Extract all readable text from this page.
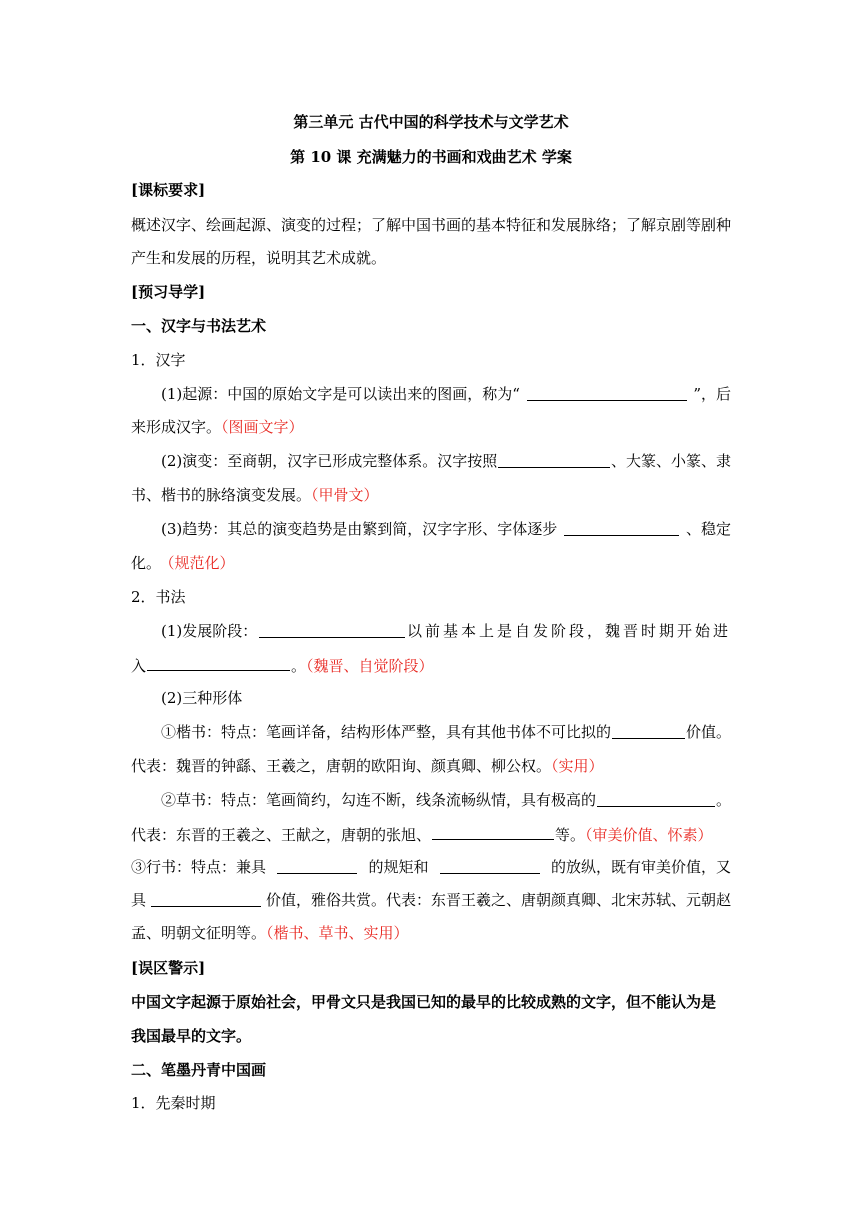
第三单元 古代中国的科学技术与文学艺术
第 10 课 充满魅力的书画和戏曲艺术 学案
[课标要求]
概述汉字、绘画起源、演变的过程；了解中国书画的基本特征和发展脉络；了解京剧等剧种
产生和发展的历程，说明其艺术成就。
[预习导学]
一、汉字与书法艺术
1．汉字
(1)起源：中国的原始文字是可以读出来的图画，称为“	”，后
来形成汉字。（图画文字）
(2)演变：至商朝，汉字已形成完整体系。汉字按照	、大篆、小篆、隶
书、楷书的脉络演变发展。（甲骨文）
(3)趋势：其总的演变趋势是由繁到简，汉字字形、字体逐步	、稳定
化。 （规范化）
2．书法
(1)发展阶段：	以前基本上是自发阶段，魏晋时期开始进
入	。（魏晋、自觉阶段）
(2)三种形体
①楷书：特点：笔画详备，结构形体严整，具有其他书体不可比拟的	价值。
代表：魏晋的钟繇、王羲之，唐朝的欧阳询、颜真卿、柳公权。（实用）
②草书：特点：笔画简约，勾连不断，线条流畅纵情，具有极高的	。
代表：东晋的王羲之、王献之，唐朝的张旭、	等。（审美价值、怀素）
③行书：特点：兼具	的规矩和	的放纵，既有审美价值，又
具	价值，雅俗共赏。代表：东晋王羲之、唐朝颜真卿、北宋苏轼、元朝赵
孟、明朝文征明等。（楷书、草书、实用）
[误区警示]
中国文字起源于原始社会，甲骨文只是我国已知的最早的比较成熟的文字，但不能认为是
我国最早的文字。
二、笔墨丹青中国画
1．先秦时期
